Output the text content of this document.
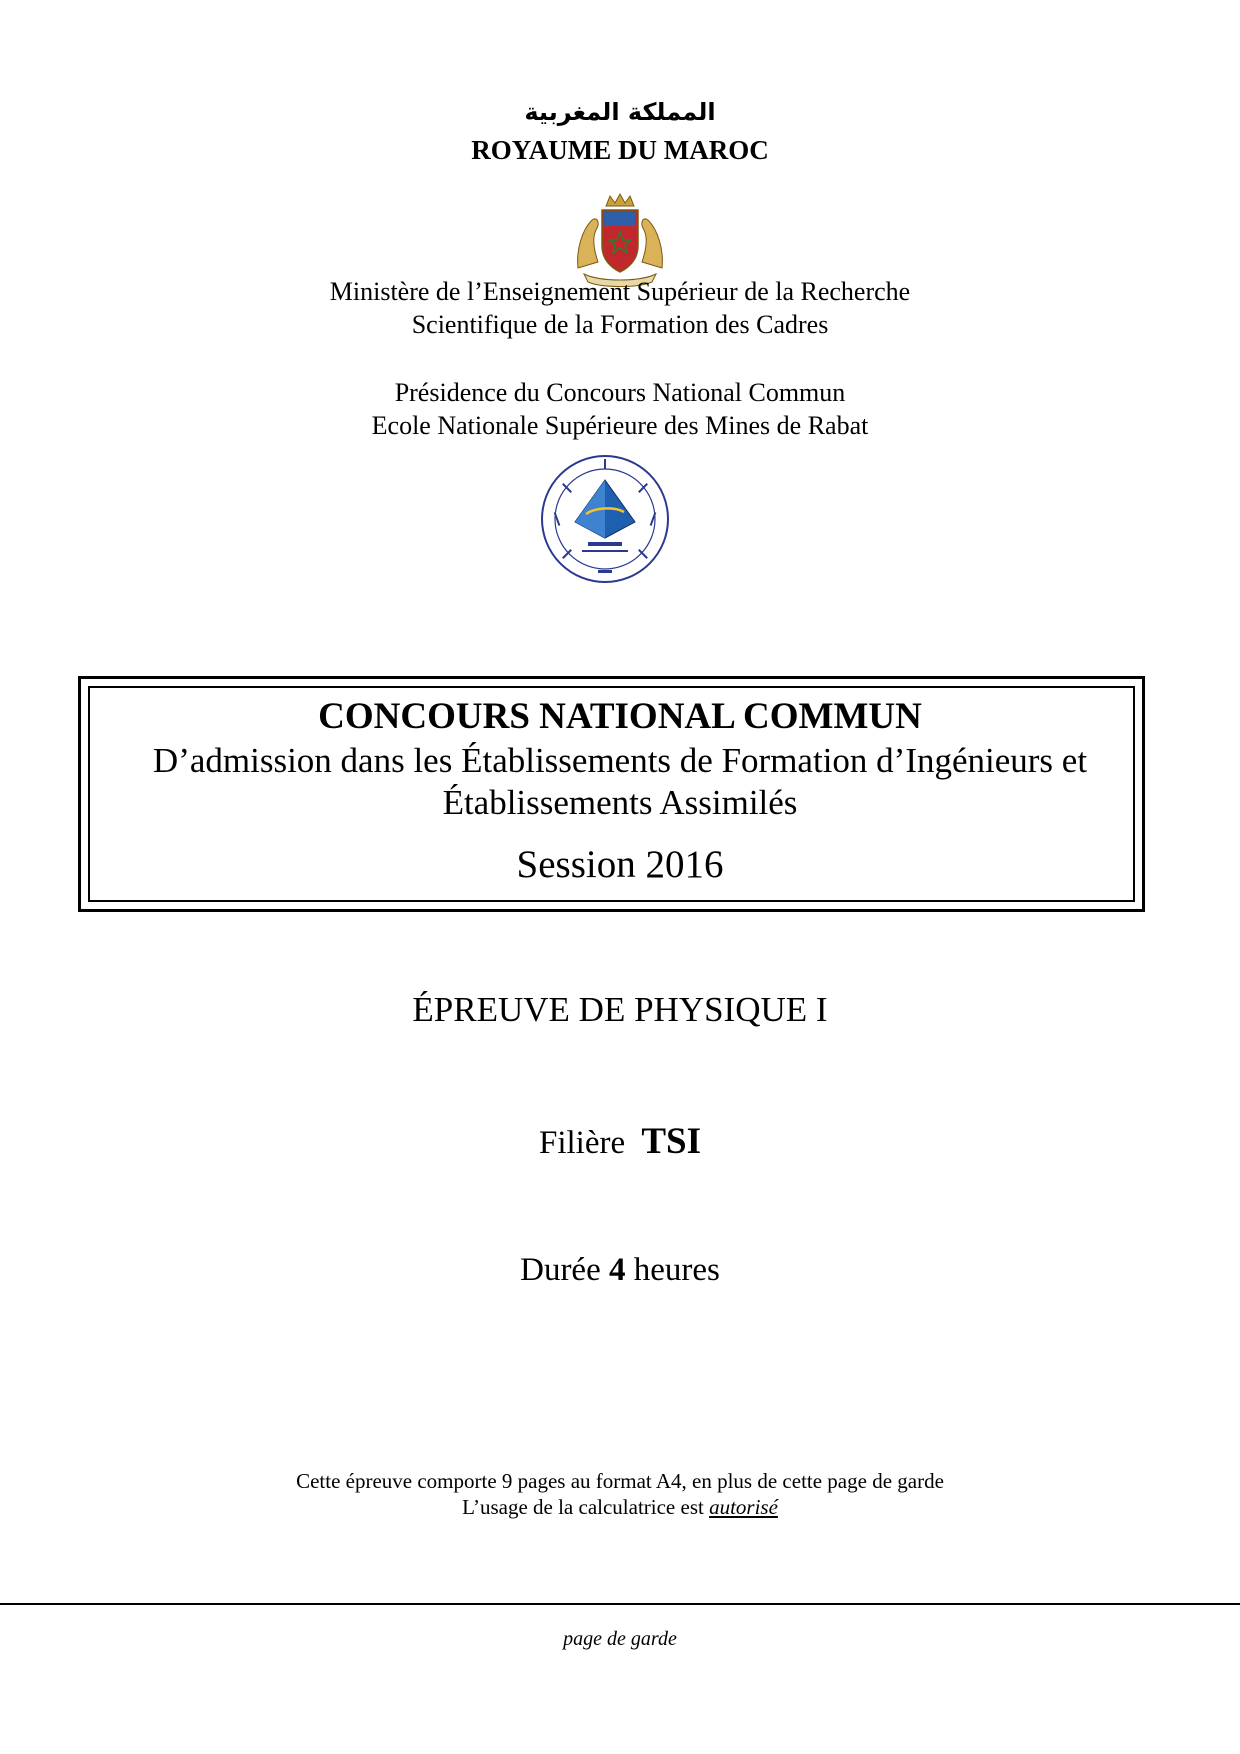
المملكة المغربية
ROYAUME DU MAROC
Ministère de l’Enseignement Supérieur de la Recherche
Scientifique de la Formation des Cadres
Présidence du Concours National Commun
Ecole Nationale Supérieure des Mines de Rabat
CONCOURS NATIONAL COMMUN
D’admission dans les Établissements de Formation d’Ingénieurs et
Établissements Assimilés
Session 2016
ÉPREUVE DE PHYSIQUE I
Filière TSI
Durée 4 heures
Cette épreuve comporte 9 pages au format A4, en plus de cette page de garde
L’usage de la calculatrice est autorisé
page de garde
